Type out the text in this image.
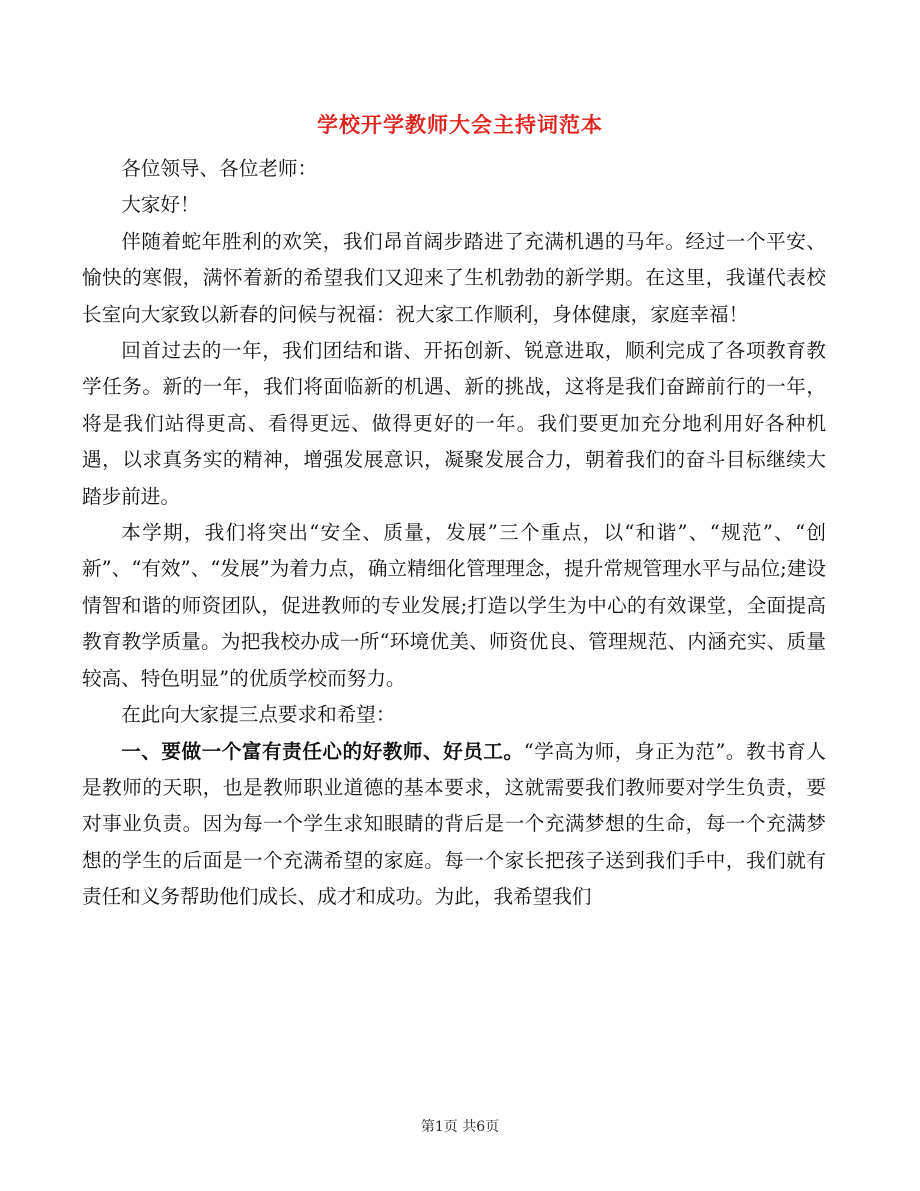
学校开学教师大会主持词范本

各位领导、各位老师：

大家好！

伴随着蛇年胜利的欢笑，我们昂首阔步踏进了充满机遇的马年。经过一个平安、愉快的寒假，满怀着新的希望我们又迎来了生机勃勃的新学期。在这里，我谨代表校长室向大家致以新春的问候与祝福：祝大家工作顺利，身体健康，家庭幸福！

回首过去的一年，我们团结和谐、开拓创新、锐意进取，顺利完成了各项教育教学任务。新的一年，我们将面临新的机遇、新的挑战，这将是我们奋蹄前行的一年，将是我们站得更高、看得更远、做得更好的一年。我们要更加充分地利用好各种机遇，以求真务实的精神，增强发展意识，凝聚发展合力，朝着我们的奋斗目标继续大踏步前进。

本学期，我们将突出“安全、质量，发展”三个重点，以“和谐”、“规范”、“创新”、“有效”、“发展”为着力点，确立精细化管理理念，提升常规管理水平与品位;建设情智和谐的师资团队，促进教师的专业发展;打造以学生为中心的有效课堂，全面提高教育教学质量。为把我校办成一所“环境优美、师资优良、管理规范、内涵充实、质量较高、特色明显”的优质学校而努力。

在此向大家提三点要求和希望：

一、要做一个富有责任心的好教师、好员工。“学高为师，身正为范”。教书育人是教师的天职，也是教师职业道德的基本要求，这就需要我们教师要对学生负责，要对事业负责。因为每一个学生求知眼睛的背后是一个充满梦想的生命，每一个充满梦想的学生的后面是一个充满希望的家庭。每一个家长把孩子送到我们手中，我们就有责任和义务帮助他们成长、成才和成功。为此，我希望我们

第1页 共6页
